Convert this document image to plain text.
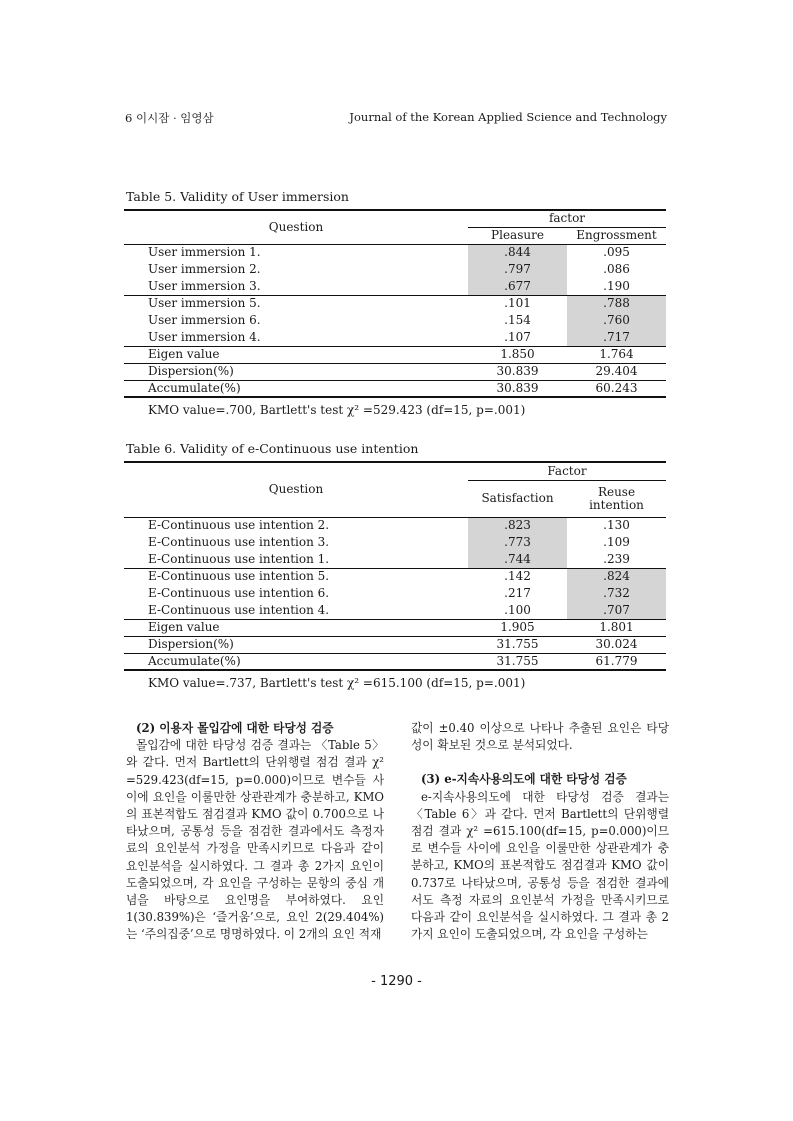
6 이시잠 · 임영삼	Journal of the Korean Applied Science and Technology
Table 5. Validity of User immersion
Question	factor	
	Pleasure	Engrossment
User immersion 1.	.844	.095
User immersion 2.	.797	.086
User immersion 3.	.677	.190
User immersion 5.	.101	.788
User immersion 6.	.154	.760
User immersion 4.	.107	.717
Eigen value	1.850	1.764
Dispersion(%)	30.839	29.404
Accumulate(%)	30.839	60.243
KMO value=.700, Bartlett's test χ² =529.423 (df=15, p=.001)
Table 6. Validity of e-Continuous use intention
Question	Factor	
	Satisfaction	Reuse intention
E-Continuous use intention 2.	.823	.130
E-Continuous use intention 3.	.773	.109
E-Continuous use intention 1.	.744	.239
E-Continuous use intention 5.	.142	.824
E-Continuous use intention 6.	.217	.732
E-Continuous use intention 4.	.100	.707
Eigen value	1.905	1.801
Dispersion(%)	31.755	30.024
Accumulate(%)	31.755	61.779
KMO value=.737, Bartlett's test χ² =615.100 (df=15, p=.001)
(2) 이용자 몰입감에 대한 타당성 검증
몰입감에 대한 타당성 검증 결과는 〈Table 5〉와 같다. 먼저 Bartlett의 단위행렬 점검 결과 χ² =529.423(df=15, p=0.000)이므로 변수들 사이에 요인을 이룰만한 상관관계가 충분하고, KMO의 표본적합도 점검결과 KMO 값이 0.700으로 나타났으며, 공통성 등을 점검한 결과에서도 측정자료의 요인분석 가정을 만족시키므로 다음과 같이 요인분석을 실시하였다. 그 결과 총 2가지 요인이 도출되었으며, 각 요인을 구성하는 문항의 중심 개념을 바탕으로 요인명을 부여하였다. 요인 1(30.839%)은 ‘즐거움’으로, 요인 2(29.404%)는 ‘주의집중’으로 명명하였다. 이 2개의 요인 적재
값이 ±0.40 이상으로 나타나 추출된 요인은 타당성이 확보된 것으로 분석되었다.
(3) e-지속사용의도에 대한 타당성 검증
e-지속사용의도에 대한 타당성 검증 결과는 〈Table 6〉과 같다. 먼저 Bartlett의 단위행렬 점검 결과 χ² =615.100(df=15, p=0.000)이므로 변수들 사이에 요인을 이룰만한 상관관계가 충분하고, KMO의 표본적합도 점검결과 KMO 값이 0.737로 나타났으며, 공통성 등을 점검한 결과에서도 측정 자료의 요인분석 가정을 만족시키므로 다음과 같이 요인분석을 실시하였다. 그 결과 총 2가지 요인이 도출되었으며, 각 요인을 구성하는
- 1290 -
